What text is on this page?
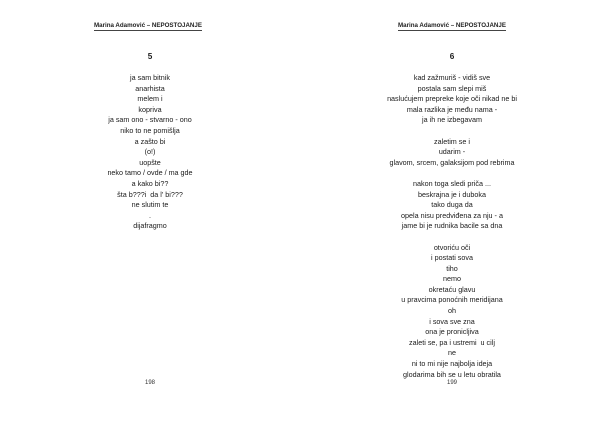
Marina Adamović – NEPOSTOJANJE
5
ja sam bitnik
anarhista
melem i
kopriva
ja sam ono - stvarno - ono
niko to ne pomišlja
a zašto bi
(o!)
uopšte
neko tamo / ovde / ma gde
a kako bi??
šta b???i  da l' bi???
ne slutim te
.
dijafragmo
198
Marina Adamović – NEPOSTOJANJE
6
kad zažmuriš - vidiš sve
postala sam slepi miš
naslućujem prepreke koje oči nikad ne bi
mala razlika je među nama -
ja ih ne izbegavam
zaletim se i
udarim -
glavom, srcem, galaksijom pod rebrima
nakon toga sledi priča ...
beskrajna je i duboka
tako duga da
opela nisu predviđena za nju - a
jame bi je rudnika bacile sa dna
otvoriću oči
i postati sova
tiho
nemo
okretaću glavu
u pravcima ponoćnih meridijana
oh
i sova sve zna
ona je pronicljiva
zaleti se, pa i ustremi  u cilj
ne
ni to mi nije najbolja ideja
glodarima bih se u letu obratila
199
